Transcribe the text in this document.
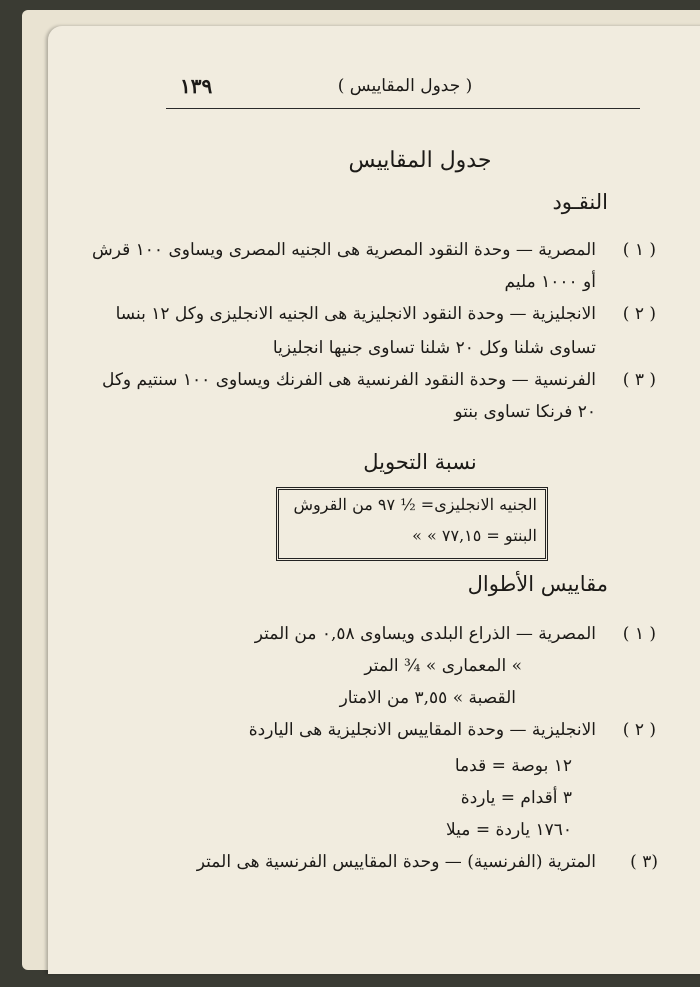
( جدول المقاييس )
١٣٩
جدول المقاييس
النقـود
( ١ )
المصرية — وحدة النقود المصرية هى الجنيه المصرى ويساوى ١٠٠ قرش
أو ١٠٠٠ مليم
( ٢ )
الانجليزية — وحدة النقود الانجليزية هى الجنيه الانجليزى وكل ١٢ بنسا
تساوى شلنا وكل ٢٠ شلنا تساوى جنيها انجليزيا
( ٣ )
الفرنسية — وحدة النقود الفرنسية هى الفرنك ويساوى ١٠٠ سنتيم وكل
٢٠ فرنكا تساوى بنتو
نسبة التحويل
الجنيه الانجليزى= ½ ٩٧ من القروش
البنتو = ٧٧,١٥ » »
مقاييس الأطوال
( ١ )
المصرية — الذراع البلدى ويساوى ٠,٥٨ من المتر
» المعمارى » ¾ المتر
القصبة » ٣,٥٥ من الامتار
( ٢ )
الانجليزية — وحدة المقاييس الانجليزية هى الياردة
١٢ بوصة = قدما
٣ أقدام = ياردة
١٧٦٠ ياردة = ميلا
(٣ )
المترية (الفرنسية) — وحدة المقاييس الفرنسية هى المتر
